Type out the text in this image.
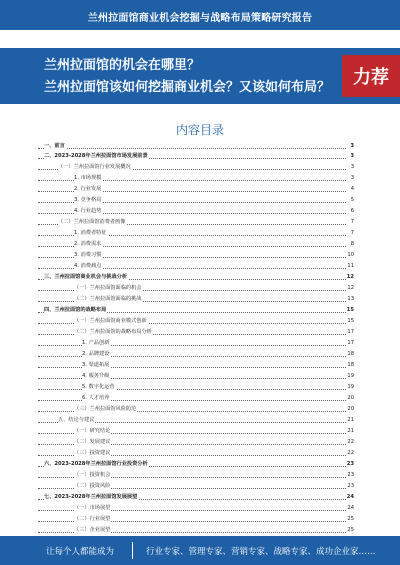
兰州拉面馆商业机会挖掘与战略布局策略研究报告
兰州拉面馆的机会在哪里？
兰州拉面馆该如何挖掘商业机会？又该如何布局？	力荐
内容目录
一、前言	3
二、2023-2028年兰州拉面馆市场发展前景	3
（一）兰州拉面馆行业发展概况	3
1. 市场规模	3
2. 行业发展	4
3. 竞争格局	5
4. 行业趋势	6
（二）兰州拉面馆消费者画像	7
1. 消费者特征	7
2. 消费需求	8
3. 消费习惯	10
4. 消费痛点	11
三、兰州拉面馆商业机会与挑战分析	12
（一）兰州拉面馆面临的机会	12
（二）兰州拉面馆面临的挑战	13
四、兰州拉面馆的战略布局	15
（一）兰州拉面馆商业模式创新	15
（二）兰州拉面馆的战略布局分析	17
1. 产品创新	17
2. 品牌建设	18
3. 渠道拓展	18
4. 服务升级	19
5. 数字化运营	19
6. 人才培养	20
（三）兰州拉面馆风险防范	20
五、结论与建议	21
（一）研究结论	21
（二）发展建议	22
（三）投资建议	22
六、2023-2028年兰州拉面馆行业投资分析	23
（一）投资机会	23
（二）投资风险	23
七、2023-2028年兰州拉面馆发展展望	24
（一）市场展望	24
（二）行业展望	25
（三）企业展望	25
让每个人都能成为	行业专家、管理专家、营销专家、战略专家、成功企业家……
